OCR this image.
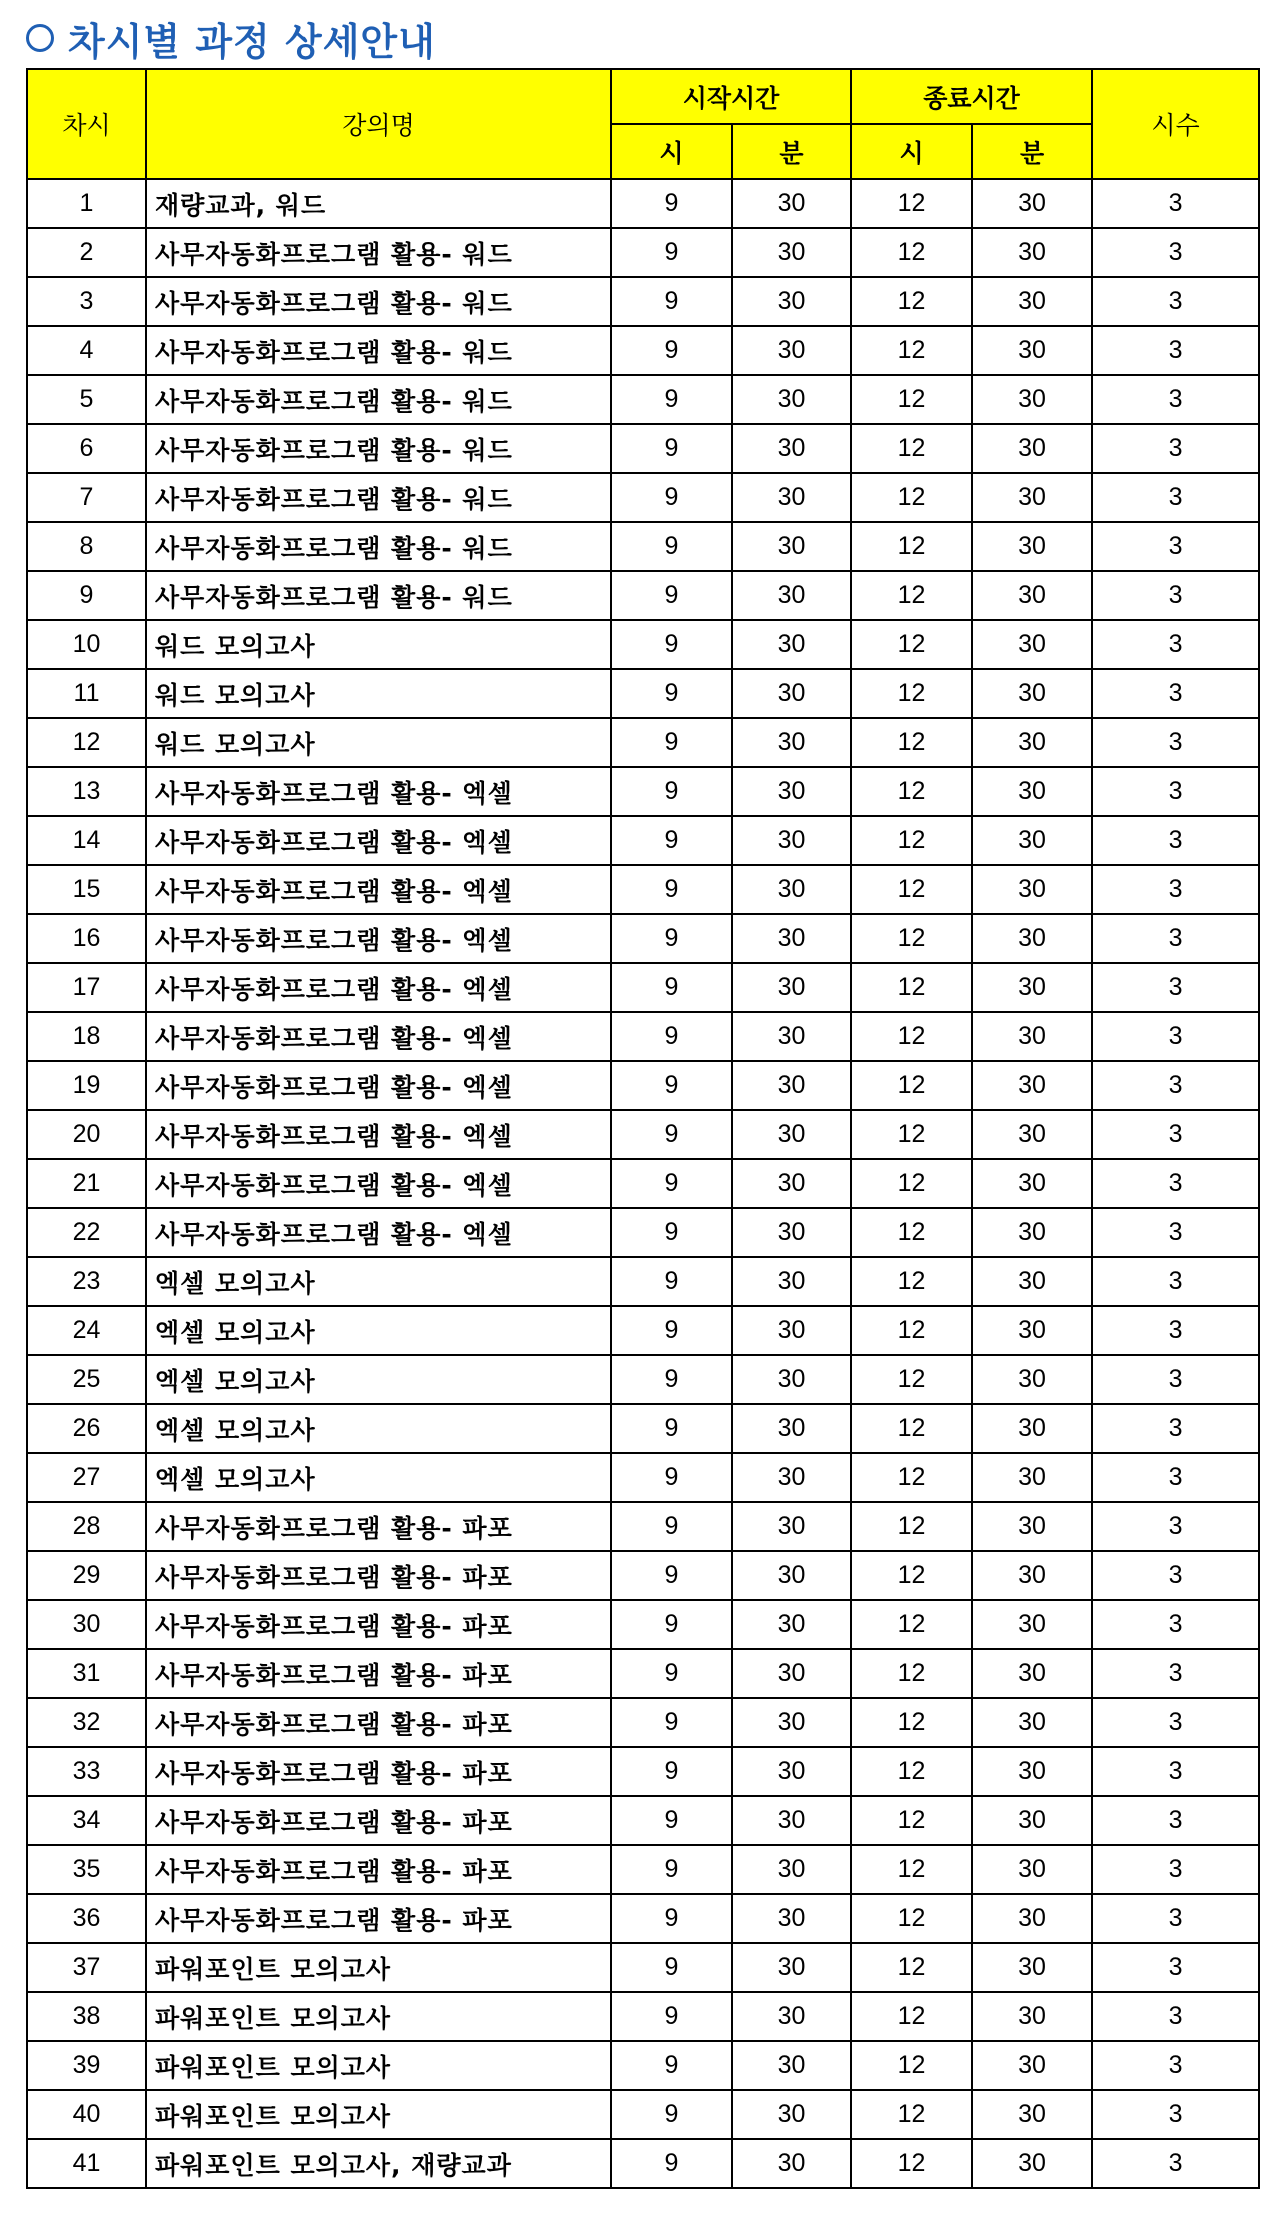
차시별 과정 상세안내
차시	강의명	시작시간		종료시간		시수
		시	분	시	분	
1	재량교과, 워드	9	30	12	30	3
2	사무자동화프로그램 활용- 워드	9	30	12	30	3
3	사무자동화프로그램 활용- 워드	9	30	12	30	3
4	사무자동화프로그램 활용- 워드	9	30	12	30	3
5	사무자동화프로그램 활용- 워드	9	30	12	30	3
6	사무자동화프로그램 활용- 워드	9	30	12	30	3
7	사무자동화프로그램 활용- 워드	9	30	12	30	3
8	사무자동화프로그램 활용- 워드	9	30	12	30	3
9	사무자동화프로그램 활용- 워드	9	30	12	30	3
10	워드 모의고사	9	30	12	30	3
11	워드 모의고사	9	30	12	30	3
12	워드 모의고사	9	30	12	30	3
13	사무자동화프로그램 활용- 엑셀	9	30	12	30	3
14	사무자동화프로그램 활용- 엑셀	9	30	12	30	3
15	사무자동화프로그램 활용- 엑셀	9	30	12	30	3
16	사무자동화프로그램 활용- 엑셀	9	30	12	30	3
17	사무자동화프로그램 활용- 엑셀	9	30	12	30	3
18	사무자동화프로그램 활용- 엑셀	9	30	12	30	3
19	사무자동화프로그램 활용- 엑셀	9	30	12	30	3
20	사무자동화프로그램 활용- 엑셀	9	30	12	30	3
21	사무자동화프로그램 활용- 엑셀	9	30	12	30	3
22	사무자동화프로그램 활용- 엑셀	9	30	12	30	3
23	엑셀 모의고사	9	30	12	30	3
24	엑셀 모의고사	9	30	12	30	3
25	엑셀 모의고사	9	30	12	30	3
26	엑셀 모의고사	9	30	12	30	3
27	엑셀 모의고사	9	30	12	30	3
28	사무자동화프로그램 활용- 파포	9	30	12	30	3
29	사무자동화프로그램 활용- 파포	9	30	12	30	3
30	사무자동화프로그램 활용- 파포	9	30	12	30	3
31	사무자동화프로그램 활용- 파포	9	30	12	30	3
32	사무자동화프로그램 활용- 파포	9	30	12	30	3
33	사무자동화프로그램 활용- 파포	9	30	12	30	3
34	사무자동화프로그램 활용- 파포	9	30	12	30	3
35	사무자동화프로그램 활용- 파포	9	30	12	30	3
36	사무자동화프로그램 활용- 파포	9	30	12	30	3
37	파워포인트 모의고사	9	30	12	30	3
38	파워포인트 모의고사	9	30	12	30	3
39	파워포인트 모의고사	9	30	12	30	3
40	파워포인트 모의고사	9	30	12	30	3
41	파워포인트 모의고사, 재량교과	9	30	12	30	3
